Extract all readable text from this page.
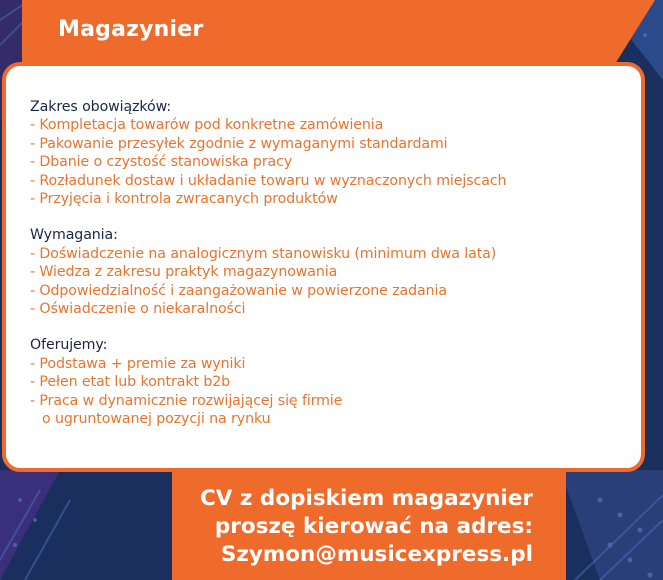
Magazynier
Zakres obowiązków:
- Kompletacja towarów pod konkretne zamówienia
- Pakowanie przesyłek zgodnie z wymaganymi standardami
- Dbanie o czystość stanowiska pracy
- Rozładunek dostaw i układanie towaru w wyznaczonych miejscach
- Przyjęcia i kontrola zwracanych produktów
Wymagania:
- Doświadczenie na analogicznym stanowisku (minimum dwa lata)
- Wiedza z zakresu praktyk magazynowania
- Odpowiedzialność i zaangażowanie w powierzone zadania
- Oświadczenie o niekaralności
Oferujemy:
- Podstawa + premie za wyniki
- Pełen etat lub kontrakt b2b
- Praca w dynamicznie rozwijającej się firmie
o ugruntowanej pozycji na rynku
CV z dopiskiem magazynier
proszę kierować na adres:
Szymon@musicexpress.pl
